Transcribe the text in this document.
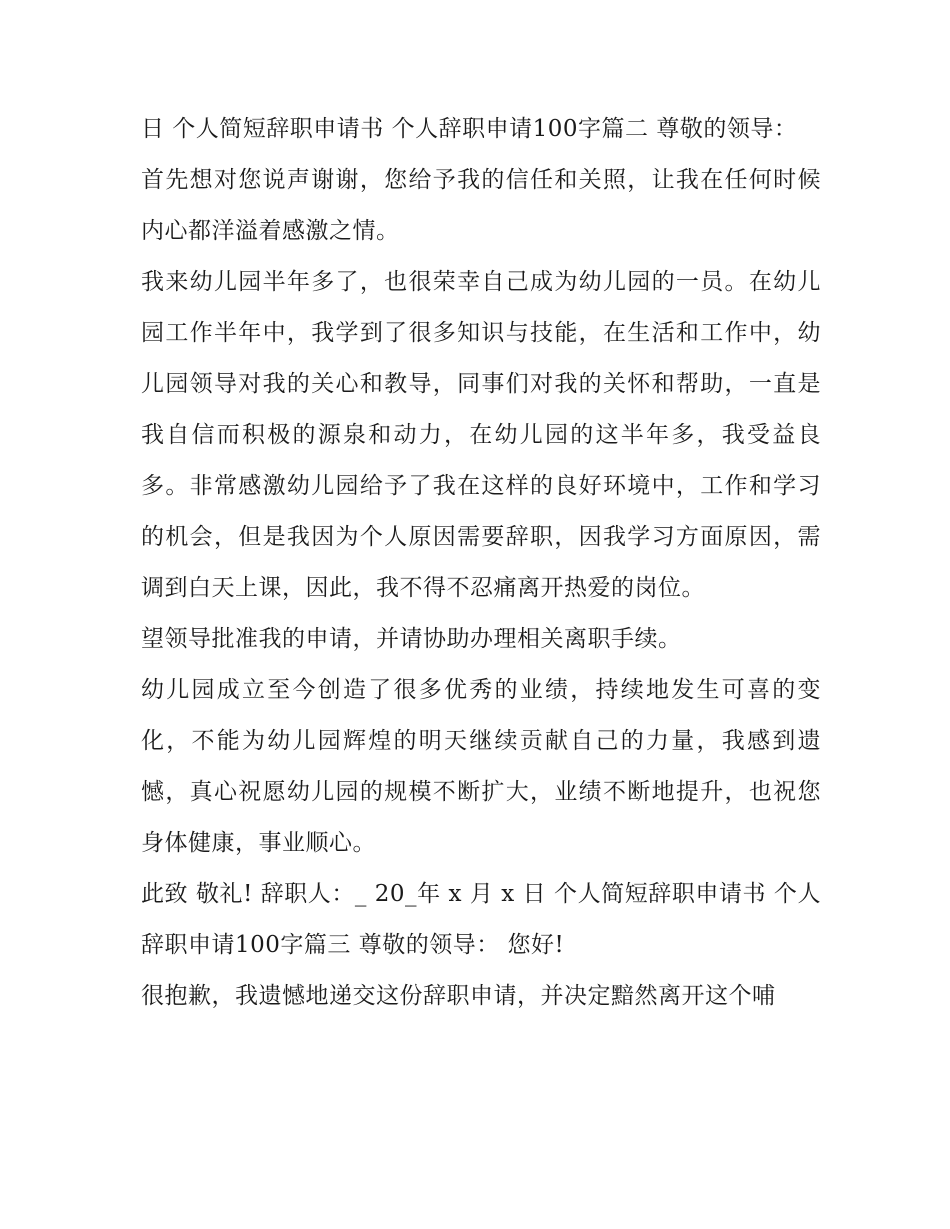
日 个人简短辞职申请书 个人辞职申请100字篇二 尊敬的领导：

首先想对您说声谢谢，您给予我的信任和关照，让我在任何时候内心都洋溢着感激之情。

我来幼儿园半年多了，也很荣幸自己成为幼儿园的一员。在幼儿园工作半年中，我学到了很多知识与技能，在生活和工作中，幼儿园领导对我的关心和教导，同事们对我的关怀和帮助，一直是我自信而积极的源泉和动力，在幼儿园的这半年多，我受益良多。非常感激幼儿园给予了我在这样的良好环境中，工作和学习的机会，但是我因为个人原因需要辞职，因我学习方面原因，需调到白天上课，因此，我不得不忍痛离开热爱的岗位。

望领导批准我的申请，并请协助办理相关离职手续。

幼儿园成立至今创造了很多优秀的业绩，持续地发生可喜的变化，不能为幼儿园辉煌的明天继续贡献自己的力量，我感到遗憾，真心祝愿幼儿园的规模不断扩大，业绩不断地提升，也祝您身体健康，事业顺心。

此致 敬礼! 辞职人：_ 20_年 x 月 x 日 个人简短辞职申请书 个人辞职申请100字篇三 尊敬的领导： 您好!

很抱歉，我遗憾地递交这份辞职申请，并决定黯然离开这个哺
